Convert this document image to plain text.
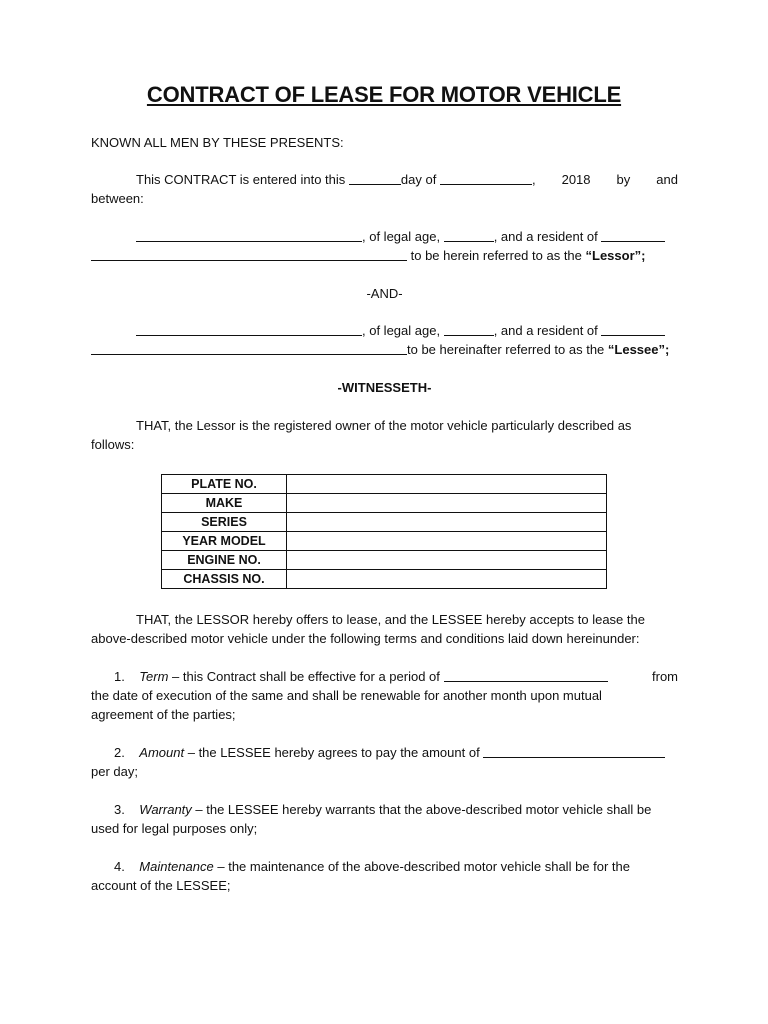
CONTRACT OF LEASE FOR MOTOR VEHICLE
KNOWN ALL MEN BY THESE PRESENTS:
This CONTRACT is entered into this	day of	, 2018 by and
between:
, of legal age,	, and a resident of
to be herein referred to as the “Lessor”;
-AND-
, of legal age,	, and a resident of
to be hereinafter referred to as the “Lessee”;
-WITNESSETH-
THAT, the Lessor is the registered owner of the motor vehicle particularly described as
follows:
PLATE NO.	
MAKE	
SERIES	
YEAR MODEL	
ENGINE NO.	
CHASSIS NO.	
THAT, the LESSOR hereby offers to lease, and the LESSEE hereby accepts to lease the
above-described motor vehicle under the following terms and conditions laid down hereinunder:
1. Term – this Contract shall be effective for a period of	from
the date of execution of the same and shall be renewable for another month upon mutual
agreement of the parties;
2. Amount – the LESSEE hereby agrees to pay the amount of
per day;
3. Warranty – the LESSEE hereby warrants that the above-described motor vehicle shall be
used for legal purposes only;
4. Maintenance – the maintenance of the above-described motor vehicle shall be for the
account of the LESSEE;
